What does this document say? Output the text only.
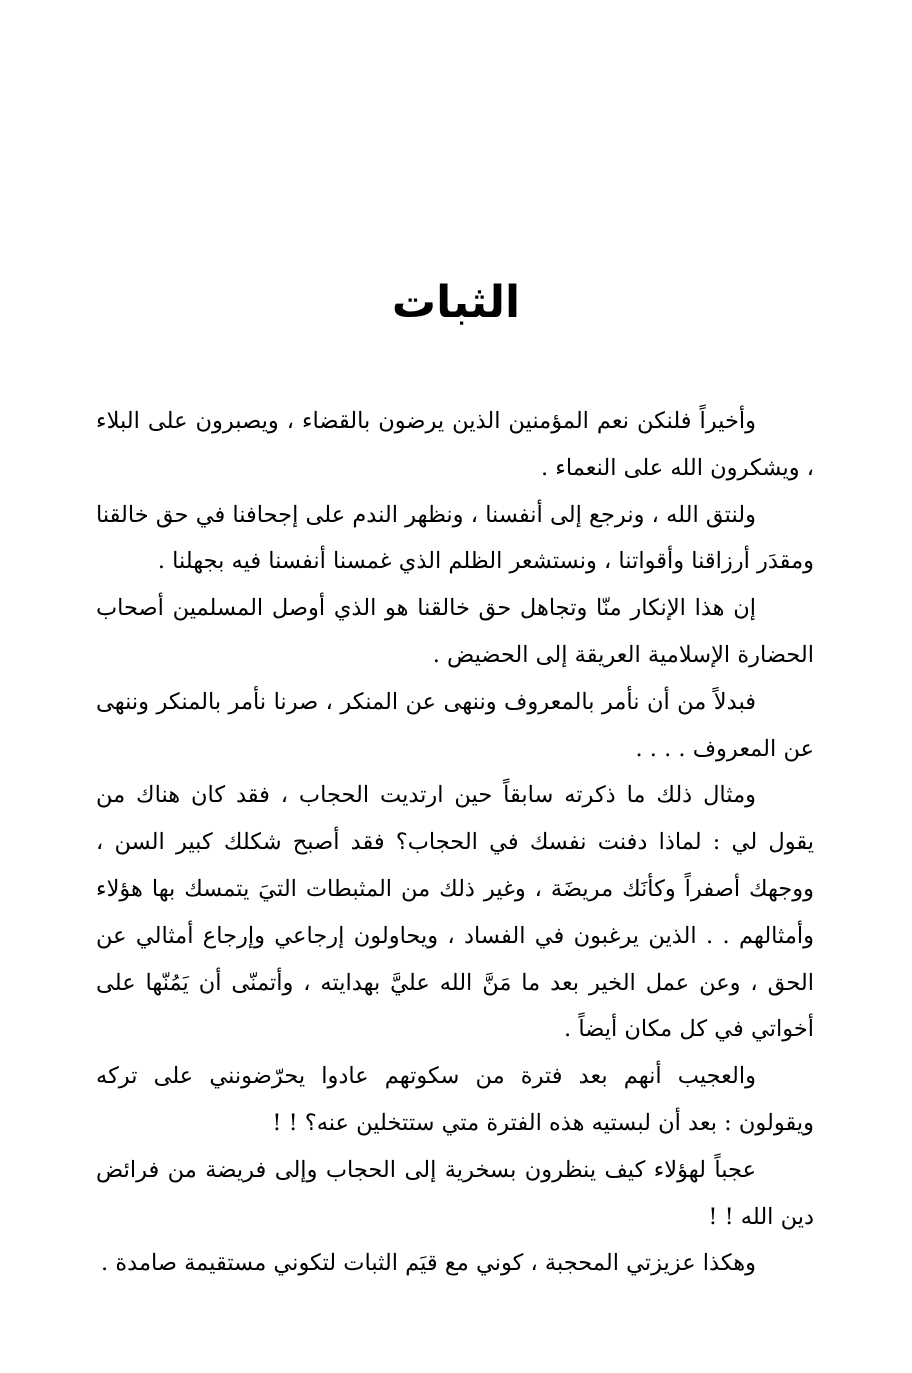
الثبات

وأخيراً فلنكن نعم المؤمنين الذين يرضون بالقضاء ، ويصبرون على البلاء ، ويشكرون الله على النعماء .

ولنتق الله ، ونرجع إلى أنفسنا ، ونظهر الندم على إجحافنا في حق خالقنا ومقدَر أرزاقنا وأقواتنا ، ونستشعر الظلم الذي غمسنا أنفسنا فيه بجهلنا .

إن هذا الإنكار منّا وتجاهل حق خالقنا هو الذي أوصل المسلمين أصحاب الحضارة الإسلامية العريقة إلى الحضيض .

فبدلاً من أن نأمر بالمعروف وننهى عن المنكر ، صرنا نأمر بالمنكر وننهى عن المعروف . . . .

ومثال ذلك ما ذكرته سابقاً حين ارتديت الحجاب ، فقد كان هناك من يقول لي : لماذا دفنت نفسك في الحجاب؟ فقد أصبح شكلك كبير السن ، ووجهك أصفراً وكأنَك مريضَة ، وغير ذلك من المثبطات التيَ يتمسك بها هؤلاء وأمثالهم . . الذين يرغبون في الفساد ، ويحاولون إرجاعي وإرجاع أمثالي عن الحق ، وعن عمل الخير بعد ما مَنَّ الله عليَّ بهدايته ، وأتمنّى أن يَمُنّها على أخواتي في كل مكان أيضاً .

والعجيب أنهم بعد فترة من سكوتهم عادوا يحرّضونني على تركه ويقولون : بعد أن لبستيه هذه الفترة متي ستتخلين عنه؟ ! !

عجباً لهؤلاء كيف ينظرون بسخرية إلى الحجاب وإلى فريضة من فرائض دين الله ! !

وهكذا عزيزتي المحجبة ، كوني مع قيَم الثبات لتكوني مستقيمة صامدة .
